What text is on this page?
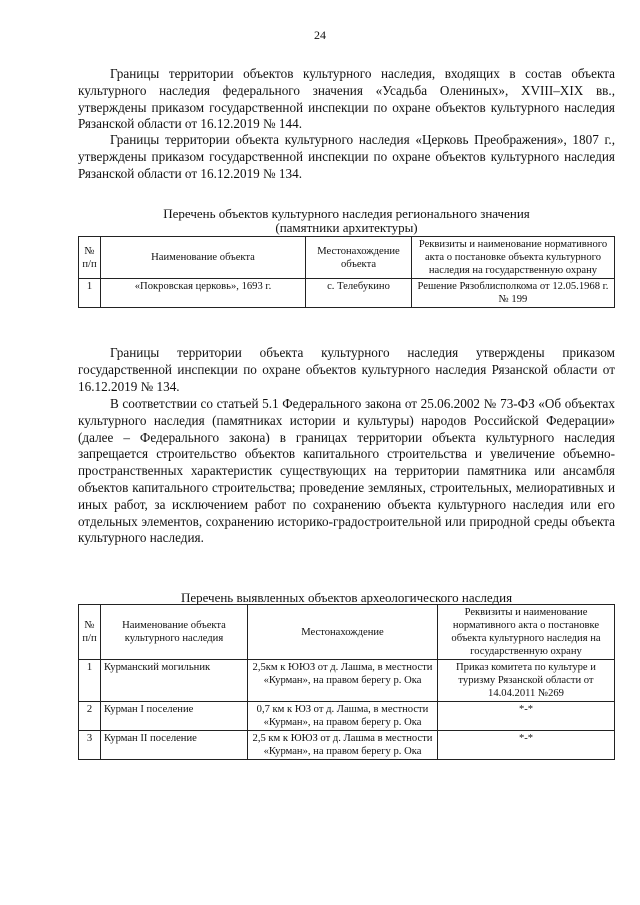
24

Границы территории объектов культурного наследия, входящих в состав объекта культурного наследия федерального значения «Усадьба Олениных», XVIII–XIX вв., утверждены приказом государственной инспекции по охране объектов культурного наследия Рязанской области от 16.12.2019 № 144.

Границы территории объекта культурного наследия «Церковь Преображения», 1807 г., утверждены приказом государственной инспекции по охране объектов культурного наследия Рязанской области от 16.12.2019 № 134.

Перечень объектов культурного наследия регионального значения

(памятники архитектуры)

№ п/п	Наименование объекта	Местонахождение объекта	Реквизиты и наименование нормативного акта о постановке объекта культурного наследия на государственную охрану
1	«Покровская церковь», 1693 г.	с. Телебукино	Решение Рязоблисполкома от 12.05.1968 г. № 199

Границы территории объекта культурного наследия утверждены приказом государственной инспекции по охране объектов культурного наследия Рязанской области от 16.12.2019 № 134.

В соответствии со статьей 5.1 Федерального закона от 25.06.2002 № 73-ФЗ «Об объектах культурного наследия (памятниках истории и культуры) народов Российской Федерации» (далее – Федерального закона) в границах территории объекта культурного наследия запрещается строительство объектов капитального строительства и увеличение объемно-пространственных характеристик существующих на территории памятника или ансамбля объектов капитального строительства; проведение земляных, строительных, мелиоративных и иных работ, за исключением работ по сохранению объекта культурного наследия или его отдельных элементов, сохранению историко-градостроительной или природной среды объекта культурного наследия.

Перечень выявленных объектов археологического наследия

№ п/п	Наименование объекта культурного наследия	Местонахождение	Реквизиты и наименование нормативного акта о постановке объекта культурного наследия на государственную охрану
1	Курманский могильник	2,5км к ЮЮЗ от д. Лашма, в местности «Курман», на правом берегу р. Ока	Приказ комитета по культуре и туризму Рязанской области от 14.04.2011 №269
2	Курман I поселение	0,7 км к ЮЗ от д. Лашма, в местности «Курман», на правом берегу р. Ока	*-*
3	Курман II поселение	2,5 км к ЮЮЗ от д. Лашма в местности «Курман», на правом берегу р. Ока	*-*
